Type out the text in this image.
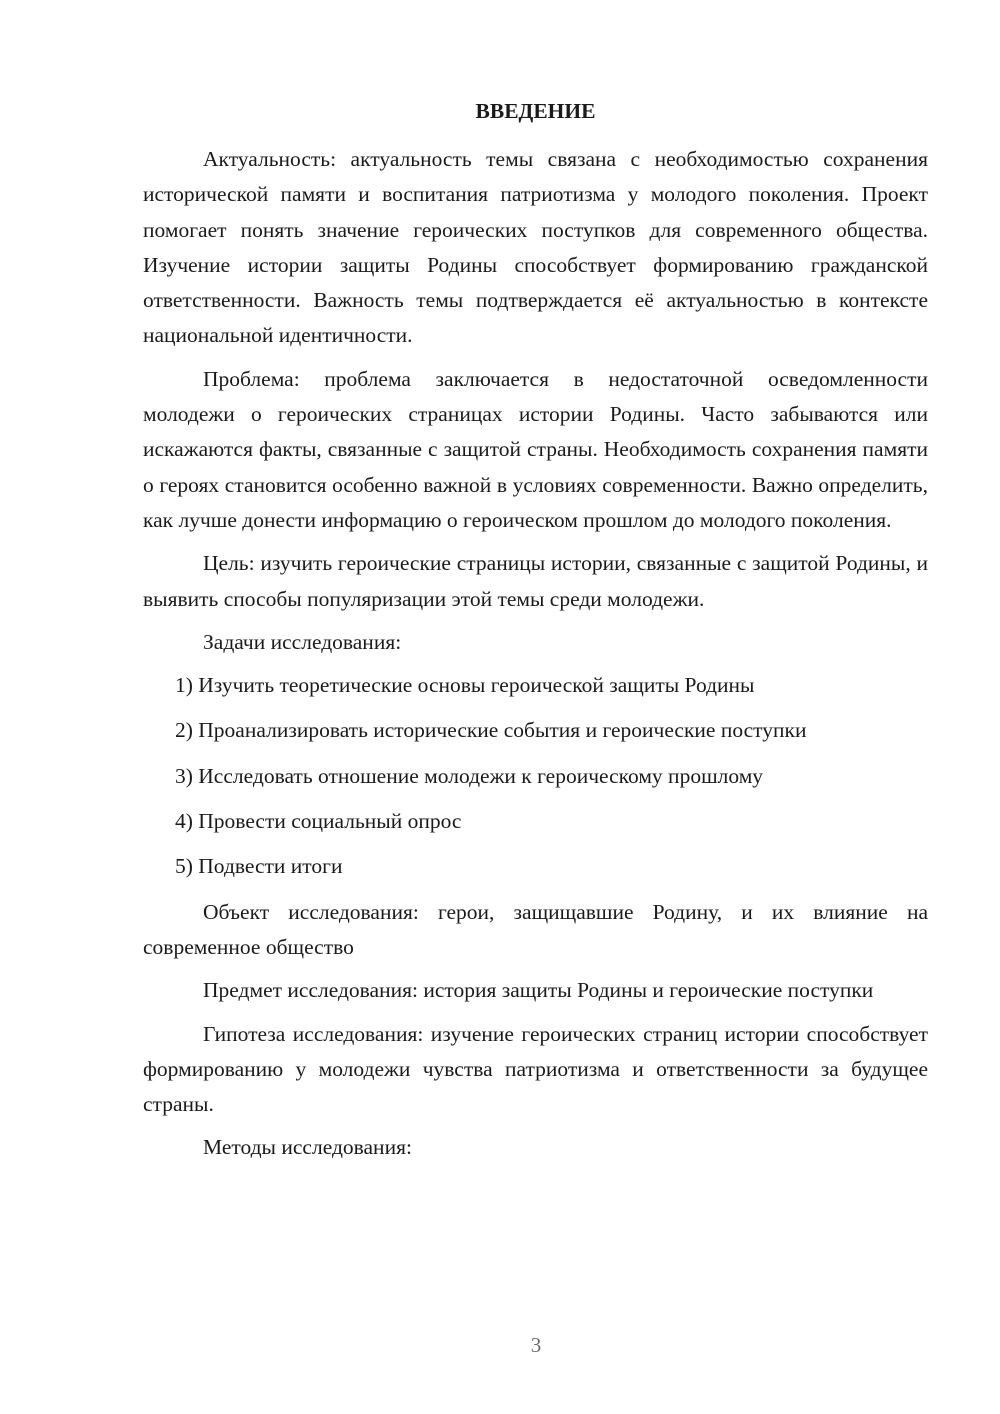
ВВЕДЕНИЕ

Актуальность: актуальность темы связана с необходимостью сохранения исторической памяти и воспитания патриотизма у молодого поколения. Проект помогает понять значение героических поступков для современного общества. Изучение истории защиты Родины способствует формированию гражданской ответственности. Важность темы подтверждается её актуальностью в контексте национальной идентичности.

Проблема: проблема заключается в недостаточной осведомленности молодежи о героических страницах истории Родины. Часто забываются или искажаются факты, связанные с защитой страны. Необходимость сохранения памяти о героях становится особенно важной в условиях современности. Важно определить, как лучше донести информацию о героическом прошлом до молодого поколения.

Цель: изучить героические страницы истории, связанные с защитой Родины, и выявить способы популяризации этой темы среди молодежи.

Задачи исследования:

1) Изучить теоретические основы героической защиты Родины
2) Проанализировать исторические события и героические поступки
3) Исследовать отношение молодежи к героическому прошлому
4) Провести социальный опрос
5) Подвести итоги

Объект исследования: герои, защищавшие Родину, и их влияние на современное общество

Предмет исследования: история защиты Родины и героические поступки

Гипотеза исследования: изучение героических страниц истории способствует формированию у молодежи чувства патриотизма и ответственности за будущее страны.

Методы исследования:

3
